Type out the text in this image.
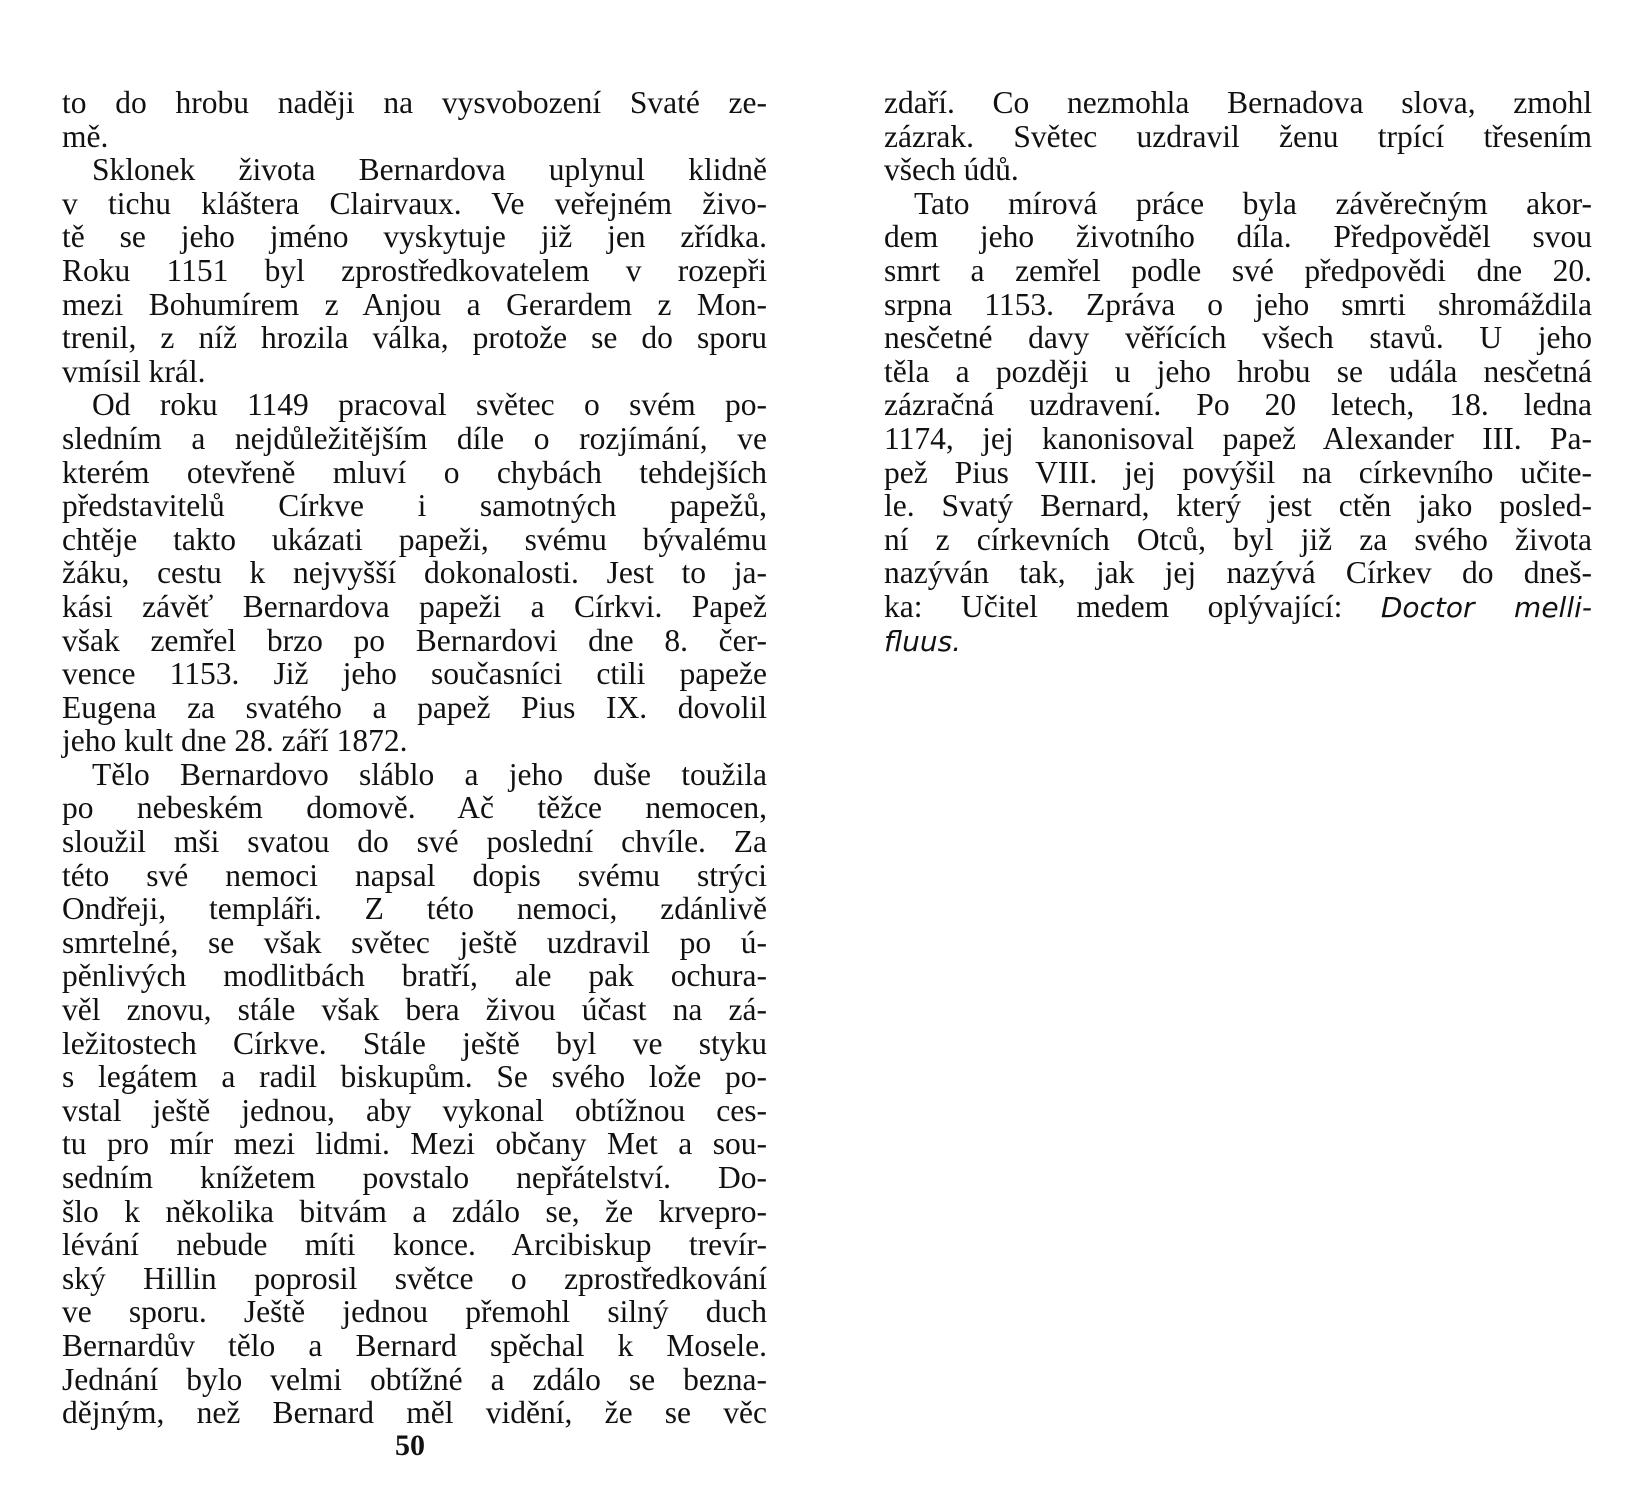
to do hrobu naději na vysvobození Svaté ze-
mě.
Sklonek života Bernardova uplynul klidně
v tichu kláštera Clairvaux. Ve veřejném živo-
tě se jeho jméno vyskytuje již jen zřídka.
Roku 1151 byl zprostředkovatelem v rozepři
mezi Bohumírem z Anjou a Gerardem z Mon-
trenil, z níž hrozila válka, protože se do sporu
vmísil král.
Od roku 1149 pracoval světec o svém po-
sledním a nejdůležitějším díle o rozjímání, ve
kterém otevřeně mluví o chybách tehdejších
představitelů Církve i samotných papežů,
chtěje takto ukázati papeži, svému bývalému
žáku, cestu k nejvyšší dokonalosti. Jest to ja-
kási závěť Bernardova papeži a Církvi. Papež
však zemřel brzo po Bernardovi dne 8. čer-
vence 1153. Již jeho současníci ctili papeže
Eugena za svatého a papež Pius IX. dovolil
jeho kult dne 28. září 1872.
Tělo Bernardovo sláblo a jeho duše toužila
po nebeském domově. Ač těžce nemocen,
sloužil mši svatou do své poslední chvíle. Za
této své nemoci napsal dopis svému strýci
Ondřeji, templáři. Z této nemoci, zdánlivě
smrtelné, se však světec ještě uzdravil po ú-
pěnlivých modlitbách bratří, ale pak ochura-
věl znovu, stále však bera živou účast na zá-
ležitostech Církve. Stále ještě byl ve styku
s legátem a radil biskupům. Se svého lože po-
vstal ještě jednou, aby vykonal obtížnou ces-
tu pro mír mezi lidmi. Mezi občany Met a sou-
sedním knížetem povstalo nepřátelství. Do-
šlo k několika bitvám a zdálo se, že krvepro-
lévání nebude míti konce. Arcibiskup trevír-
ský Hillin poprosil světce o zprostředkování
ve sporu. Ještě jednou přemohl silný duch
Bernardův tělo a Bernard spěchal k Mosele.
Jednání bylo velmi obtížné a zdálo se bezna-
dějným, než Bernard měl vidění, že se věc
zdaří. Co nezmohla Bernadova slova, zmohl
zázrak. Světec uzdravil ženu trpící třesením
všech údů.
Tato mírová práce byla závěrečným akor-
dem jeho životního díla. Předpověděl svou
smrt a zemřel podle své předpovědi dne 20.
srpna 1153. Zpráva o jeho smrti shromáždila
nesčetné davy věřících všech stavů. U jeho
těla a později u jeho hrobu se udála nesčetná
zázračná uzdravení. Po 20 letech, 18. ledna
1174, jej kanonisoval papež Alexander III. Pa-
pež Pius VIII. jej povýšil na církevního učite-
le. Svatý Bernard, který jest ctěn jako posled-
ní z církevních Otců, byl již za svého života
nazýván tak, jak jej nazývá Církev do dneš-
ka: Učitel medem oplývající: Doctor melli-
fluus.
50
